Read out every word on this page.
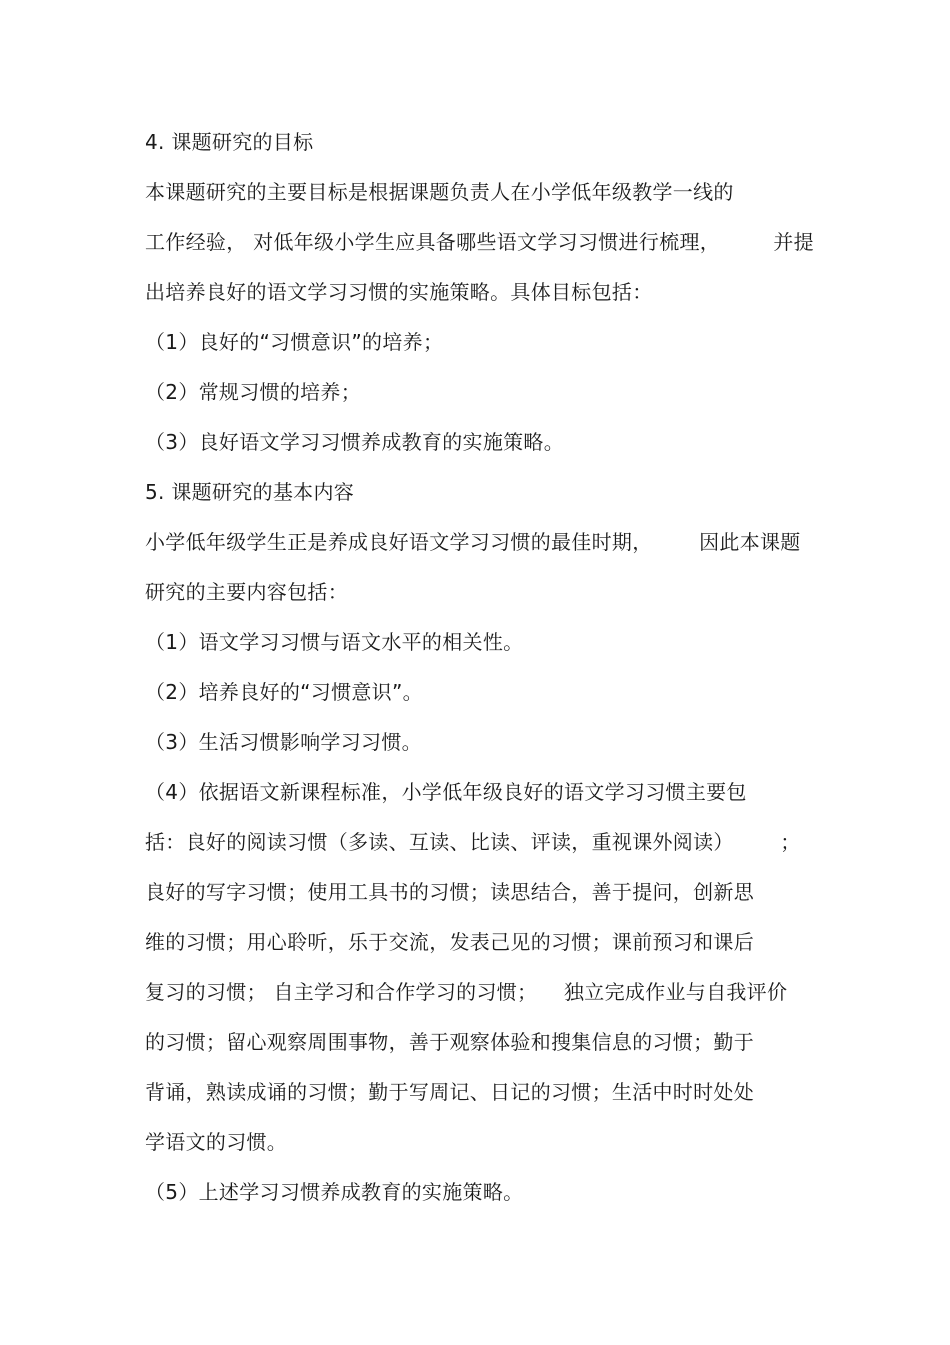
4. 课题研究的目标
本课题研究的主要目标是根据课题负责人在小学低年级教学一线的
工作经验， 对低年级小学生应具备哪些语文学习习惯进行梳理，        并提
出培养良好的语文学习习惯的实施策略。具体目标包括：
（1）良好的“习惯意识”的培养；
（2）常规习惯的培养；
（3）良好语文学习习惯养成教育的实施策略。
5. 课题研究的基本内容
小学低年级学生正是养成良好语文学习习惯的最佳时期，       因此本课题
研究的主要内容包括：
（1）语文学习习惯与语文水平的相关性。
（2）培养良好的“习惯意识”。
（3）生活习惯影响学习习惯。
（4）依据语文新课程标准，小学低年级良好的语文学习习惯主要包
括：良好的阅读习惯（多读、互读、比读、评读，重视课外阅读）       ；
良好的写字习惯；使用工具书的习惯；读思结合，善于提问，创新思
维的习惯；用心聆听，乐于交流，发表己见的习惯；课前预习和课后
复习的习惯； 自主学习和合作学习的习惯；    独立完成作业与自我评价
的习惯；留心观察周围事物，善于观察体验和搜集信息的习惯；勤于
背诵，熟读成诵的习惯；勤于写周记、日记的习惯；生活中时时处处
学语文的习惯。
（5）上述学习习惯养成教育的实施策略。
